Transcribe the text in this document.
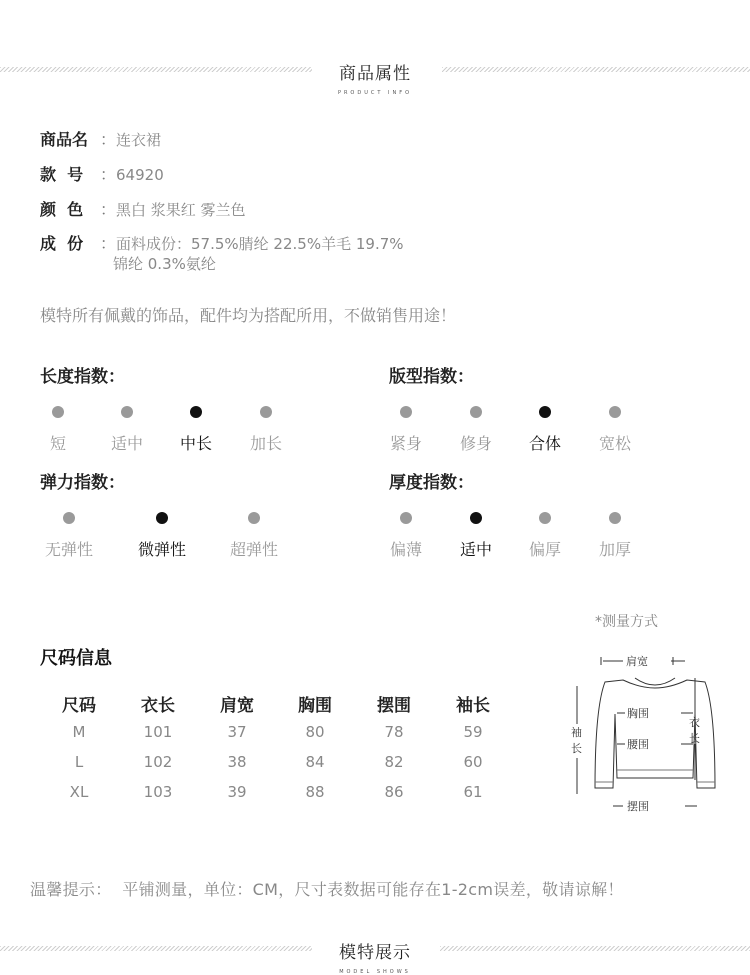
商品属性
PRODUCT INFO
商品名 ：连衣裙
款  号 ：64920
颜  色 ：黑白 浆果红 雾兰色
成  份 ：面料成份：57.5%腈纶 22.5%羊毛 19.7%
锦纶 0.3%氨纶
模特所有佩戴的饰品，配件均为搭配所用，不做销售用途！
长度指数：
短	适中 中长 加长
版型指数：
紧身 修身 合体 宽松
弹力指数：
无弹性	微弹性	超弹性
厚度指数：
偏薄 适中 偏厚 加厚
*测量方式
尺码信息
尺码	衣长	肩宽	胸围	摆围	袖长
M	101	37	80	78	59
L	102	38	84	82	60
XL	103	39	88	86	61
肩宽
胸围
腰围
摆围
袖
长
衣
长
温馨提示：  平铺测量，单位：CM，尺寸表数据可能存在1-2cm误差，敬请谅解！
模特展示
MODEL SHOWS
